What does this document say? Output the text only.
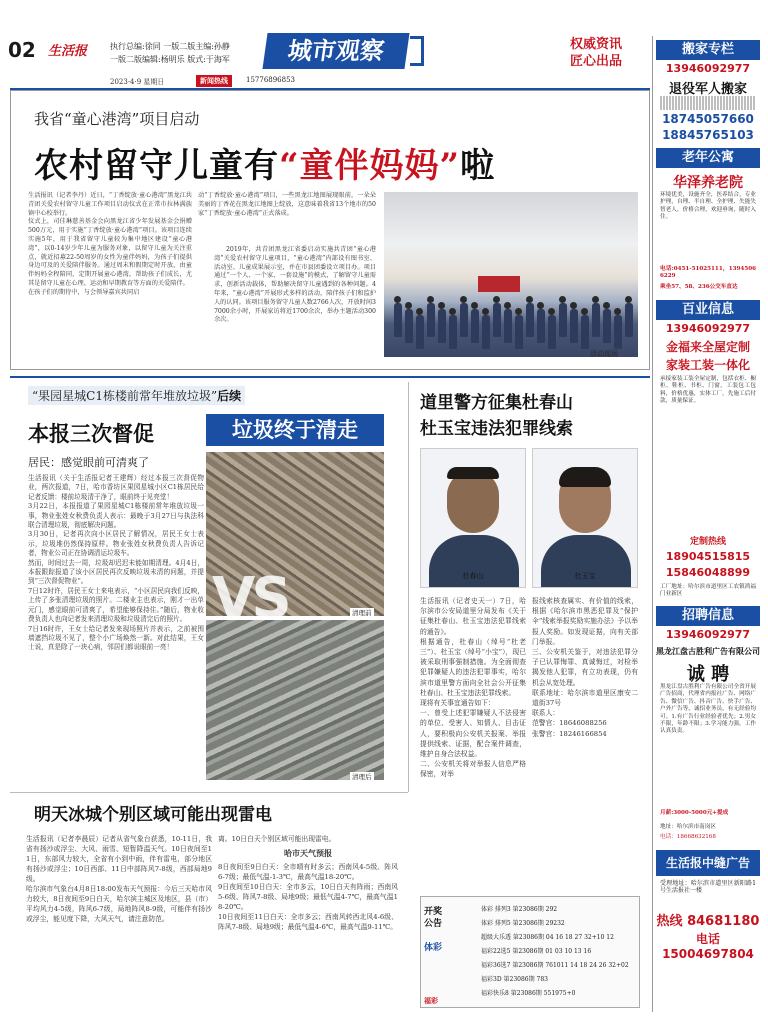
02 生活报	执行总编:徐同 一版二版主编:孙静
一版二版编辑:杨明乐 版式:于海军	城市观察	权威资讯
匠心出品
2023·4·9 星期日	新闻热线	15776896853
我省“童心港湾”项目启动
农村留守儿童有“童伴妈妈”啦
生活报讯（记者李丹）近日，“丁香绽放·童心港湾”黑龙江共青团关爱农村留守儿童工作项目启动仪式在正常市拉林满族镇中心校举行。
仪式上，司佳琳慈善基金会向黑龙江省少年发展基金会捐赠500万元，用于实施“丁香绽放·童心港湾”项目。该项目连续实施5年，用于我省留守儿童较为集中地区建设“童心港湾”，以0-14岁少年儿童为服务对象，以留守儿童为关注重点，就近招募22-50周岁的女性为童伴妈妈，为孩子们提供身边可及的关爱陪伴服务。通过周末和假期定时开放，由童伴妈妈全程陪同，定期开展童心港湾，帮助孩子们成长，尤其是留守儿童在心理、运动和早期教育等方面的关爱陪伴。
在孩子们的期待中，与会领导嘉宾共同启
动“丁香绽放·童心港湾”项目，一些黑龙江地图展现眼前，一朵朵美丽的丁香花在黑龙江地图上绽放，这意味着我省13个地市的50家“丁香绽放·童心港湾”正式落成。
2019年，共青团黑龙江省委启动实施共青团“童心港湾”关爱农村留守儿童项目，“童心港湾”内部设有图书室、活动室、儿童成果展示室，并在市县团委设立项目办。项目通过“一个人、一个家、一套设施”的模式，了解留守儿童需求，创新活动载体，帮助解决留守儿童遇到的各种问题。4年来，“童心港湾”开展形式多样的活动，陪伴孩子们和监护人的认同。该项目服务留守儿童人数2766人次，开放时间37000余小时，开展家访将近1700余次，举办主题活动300余次。
活动现场
“果园星城C1栋楼前常年堆放垃圾”后续
本报三次督促	垃圾终于清走
居民：感觉眼前可清爽了
生活报讯（关于生活报记者王建辉）经过本报三次督促物业，两次报道，7日，哈市香坊区果园星城小区C1栋居民给记者反馈：楼前垃圾清干净了，眼前终于见亮堂！
3月22日，本报报道了果园星城C1栋楼前常年堆放垃圾一事，物业张姓女秋费负责人表示：最晚于3月27日与执法科联合清理垃圾，彻底解决问题。
3月30日，记者再次向小区居民了解情况，居民王女士表示，垃圾堆仍然保持原样。物业张姓女秋费负责人告诉记者，物业公司正在协调清运垃圾车。
然而，时间过去一周，垃圾却迟迟未能如期清理。4月4日，本报跟踪报道了该小区居民再次反映垃圾未清的问题，并提到“三次督促物业”。
7日12时许，居民王女士来电表示，“小区居民向我们反映，上传了多张清理垃圾的照片。二楼业主也表示，刚才一出单元门，感觉眼前可清爽了，希望能够保持住。”随后，物业收费负责人也向记者发来清理垃圾和垃圾清完后的照片。
7日16时许，王女士给记者发来现场照片并表示，之前被围墙遮挡垃圾不见了，整个小广场焕然一新。对此结果，王女士说，真是除了一块心病，邻居们都说眼前一亮！
VS	清理前
清理后
道里警方征集杜春山
杜玉宝违法犯罪线索
杜春山	杜玉宝
生活报讯（记者史天一）7日，哈尔滨市公安局道里分局发布《关于征集杜春山、杜玉宝违法犯罪线索的通告》。
根据通告，杜春山（绰号“杜老三”）、杜玉宝（绰号“小宝”），现已被采取刑事强制措施。为全面彻查犯罪嫌疑人的违法犯罪事实，哈尔滨市道里警方面向全社会公开征集杜春山、杜玉宝违法犯罪线索。
现将有关事宜通告如下：
一、曾受上述犯罪嫌疑人不法侵害的单位、受害人、知情人、目击证人，要积极向公安机关报案、举报提供线索、证据，配合案件调查，维护自身合法权益。
二、公安机关将对举报人信息严格保密，对举
报线索核查属实、有价值的线索，根据《哈尔滨市黑恶犯罪及“保护伞”线索举报奖励实施办法》予以举报人奖励。如发现证据，向有关部门举报。
三、公安机关鉴于，对违法犯罪分子已认罪悔罪、真诚悔过，对检举揭发他人犯罪，有立功表现，仍有机会从宽处理。
联系地址：哈尔滨市道里区康安二道街37号
联系人：
范警官：18646088256
张警官：18246166854
明天冰城个别区域可能出现雷电
生活报讯（记者李晨辰）记者从省气象台获悉，10-11日，我省有扬沙或浮尘、大风、雨雪、短暂降温天气。10日夜间至11日，东部风力较大，全省有小到中雨，伴有雷电，部分地区有扬沙或浮尘；10日西部、11日中部阵风7-8级，西部局地9级。
哈尔滨市气象台4月8日18:00发布天气预报：今后三天哈市风力较大，8日夜间至9日白天，哈尔滨主城区及地区，县（市）平均风力4-5级，阵风6-7级，局地阵风8-9级，可能伴有扬沙或浮尘，能见度下降，大风天气，请注意防范。
离。10日白天个别区域可能出现雷电。
哈市天气预报
8日夜间至9日白天：全市晴有时多云；西南风4-5级、阵风6-7级；最低气温-1-3℃，最高气温18-20℃。
9日夜间至10日白天：全市多云，10日白天有阵雨；西南风5-6级、阵风7-8级、局地9级；最低气温4-7℃，最高气温18-20℃。
10日夜间至11日白天：全市多云；西南风转西北风4-6级、阵风7-8级、局地9级；最低气温4-6℃，最高气温9-11℃。
体彩 排列3 第23086期 292
体彩 排列5 第23086期 29232
超级大乐透 第23086期 04 16 18 27 32+10 12
福彩22选5 第23086期 01 03 10 13 16
福彩36选7 第23086期 761011 14 18 24 26 32+02
福彩3D 第23086期 783
福彩快乐8 第23086期 551975+0
开奖
公告
体彩
福彩
搬家专栏
13946092977
退役军人搬家
18745057660
18845765103
老年公寓
华泽养老院
环境优美，设施齐全，医养结合，专业护理，自理、半自理、全护理、失能失智老人，价格合理，欢迎垂询，随时入住。
电话:0451-51025111，13945066229
乘坐57、58、236公交车直达
百业信息
13946092977
金福来全屋定制
家装工装一体化
承接家装工装全屋定制，包括衣柜、橱柜、鞋柜、书柜、门窗，工装包工包料，价格优惠，实体工厂，先施工后付款，质量保证。
定制热线
18904515815
15846048899
工厂地址：哈尔滨市道里区工农镇鸿福门业新区
招聘信息
13946092977
黑龙江盘古胜利广告有限公司
诚 聘
黑龙江盘古胜利广告有限公司全省开展广告招商，代理省内报社广告、网络广告、微信广告、抖音广告、快手广告、户外广告等，诚招业务员，有无经验均可。1.有广告行业经验者优先；2.男女不限，年龄不限；3.学习能力强，工作认真负责。
月薪:3000-5000元+提成
地址：哈尔滨市南岗区
电话：18668632168
生活报中缝广告
受理地址：哈尔滨市道里区新阳路1号生活报社一楼
热线 84681180
电话 15004697804
